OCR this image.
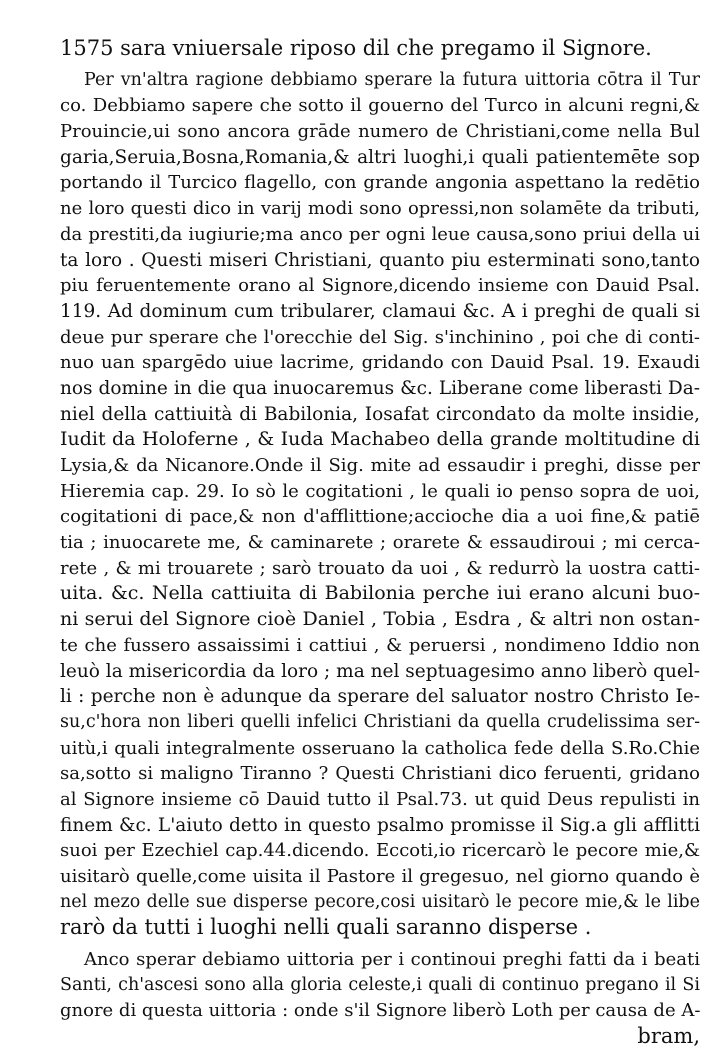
1575 sara vniuersale riposo dil che pregamo il Signore.
Per vn'altra ragione debbiamo sperare la futura uittoria cōtra il Tur
co. Debbiamo sapere che sotto il gouerno del Turco in alcuni regni,&
Prouincie,ui sono ancora grāde numero de Christiani,come nella Bul
garia,Seruia,Bosna,Romania,& altri luoghi,i quali patientemēte sop
portando il Turcico flagello, con grande angonia aspettano la redētio
ne loro questi dico in varij modi sono opressi,non solamēte da tributi,
da prestiti,da iugiurie;ma anco per ogni leue causa,sono priui della ui
ta loro . Questi miseri Christiani, quanto piu esterminati sono,tanto
piu feruentemente orano al Signore,dicendo insieme con Dauid Psal.
119. Ad dominum cum tribularer, clamaui &c. A i preghi de quali si
deue pur sperare che l'orecchie del Sig. s'inchinino , poi che di conti-
nuo uan spargēdo uiue lacrime, gridando con Dauid Psal. 19. Exaudi
nos domine in die qua inuocaremus &c. Liberane come liberasti Da-
niel della cattiuità di Babilonia, Iosafat circondato da molte insidie,
Iudit da Holoferne , & Iuda Machabeo della grande moltitudine di
Lysia,& da Nicanore.Onde il Sig. mite ad essaudir i preghi, disse per
Hieremia cap. 29. Io sò le cogitationi , le quali io penso sopra de uoi,
cogitationi di pace,& non d'afflittione;accioche dia a uoi fine,& patiē
tia ; inuocarete me, & caminarete ; orarete & essaudiroui ; mi cerca-
rete , & mi trouarete ; sarò trouato da uoi , & redurrò la uostra catti-
uita. &c. Nella cattiuita di Babilonia perche iui erano alcuni buo-
ni serui del Signore cioè Daniel , Tobia , Esdra , & altri non ostan-
te che fussero assaissimi i cattiui , & peruersi , nondimeno Iddio non
leuò la misericordia da loro ; ma nel septuagesimo anno liberò quel-
li : perche non è adunque da sperare del saluator nostro Christo Ie-
su,c'hora non liberi quelli infelici Christiani da quella crudelissima ser-
uitù,i quali integralmente osseruano la catholica fede della S.Ro.Chie
sa,sotto si maligno Tiranno ? Questi Christiani dico feruenti, gridano
al Signore insieme cō Dauid tutto il Psal.73. ut quid Deus repulisti in
finem &c. L'aiuto detto in questo psalmo promisse il Sig.a gli afflitti
suoi per Ezechiel cap.44.dicendo. Eccoti,io ricercarò le pecore mie,&
uisitarò quelle,come uisita il Pastore il gregesuo, nel giorno quando è
nel mezo delle sue disperse pecore,cosi uisitarò le pecore mie,& le libe
rarò da tutti i luoghi nelli quali saranno disperse .
Anco sperar debiamo uittoria per i continoui preghi fatti da i beati
Santi, ch'ascesi sono alla gloria celeste,i quali di continuo pregano il Si
gnore di questa uittoria : onde s'il Signore liberò Loth per causa de A-
bram,
